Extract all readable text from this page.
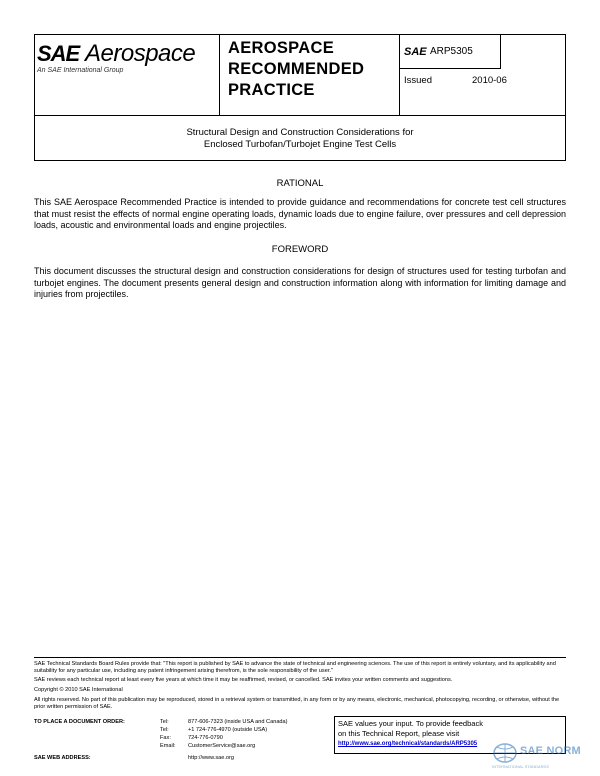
SAE Aerospace
An SAE International Group
AEROSPACE
RECOMMENDED
PRACTICE
SAE ARP5305
Issued	2010-06
Structural Design and Construction Considerations for
Enclosed Turbofan/Turbojet Engine Test Cells
RATIONAL
This SAE Aerospace Recommended Practice is intended to provide guidance and recommendations for concrete test cell structures that must resist the effects of normal engine operating loads, dynamic loads due to engine failure, over pressures and cell depression loads, acoustic and environmental loads and engine projectiles.
FOREWORD
This document discusses the structural design and construction considerations for design of structures used for testing turbofan and turbojet engines. The document presents general design and construction information along with information for limiting damage and injuries from projectiles.
SAE Technical Standards Board Rules provide that: "This report is published by SAE to advance the state of technical and engineering sciences. The use of this report is entirely voluntary, and its applicability and suitability for any particular use, including any patent infringement arising therefrom, is the sole responsibility of the user."
SAE reviews each technical report at least every five years at which time it may be reaffirmed, revised, or cancelled. SAE invites your written comments and suggestions.
Copyright © 2010 SAE International
All rights reserved. No part of this publication may be reproduced, stored in a retrieval system or transmitted, in any form or by any means, electronic, mechanical, photocopying, recording, or otherwise, without the prior written permission of SAE.
TO PLACE A DOCUMENT ORDER:	Tel:	877-606-7323 (inside USA and Canada)
Tel:	+1 724-776-4970 (outside USA)
Fax:	724-776-0790
Email:	CustomerService@sae.org
SAE WEB ADDRESS:	http://www.sae.org
SAE values your input. To provide feedback
on this Technical Report, please visit
http://www.sae.org/technical/standards/ARP5305
SAE NORM
INTERNATIONAL STANDARDS
